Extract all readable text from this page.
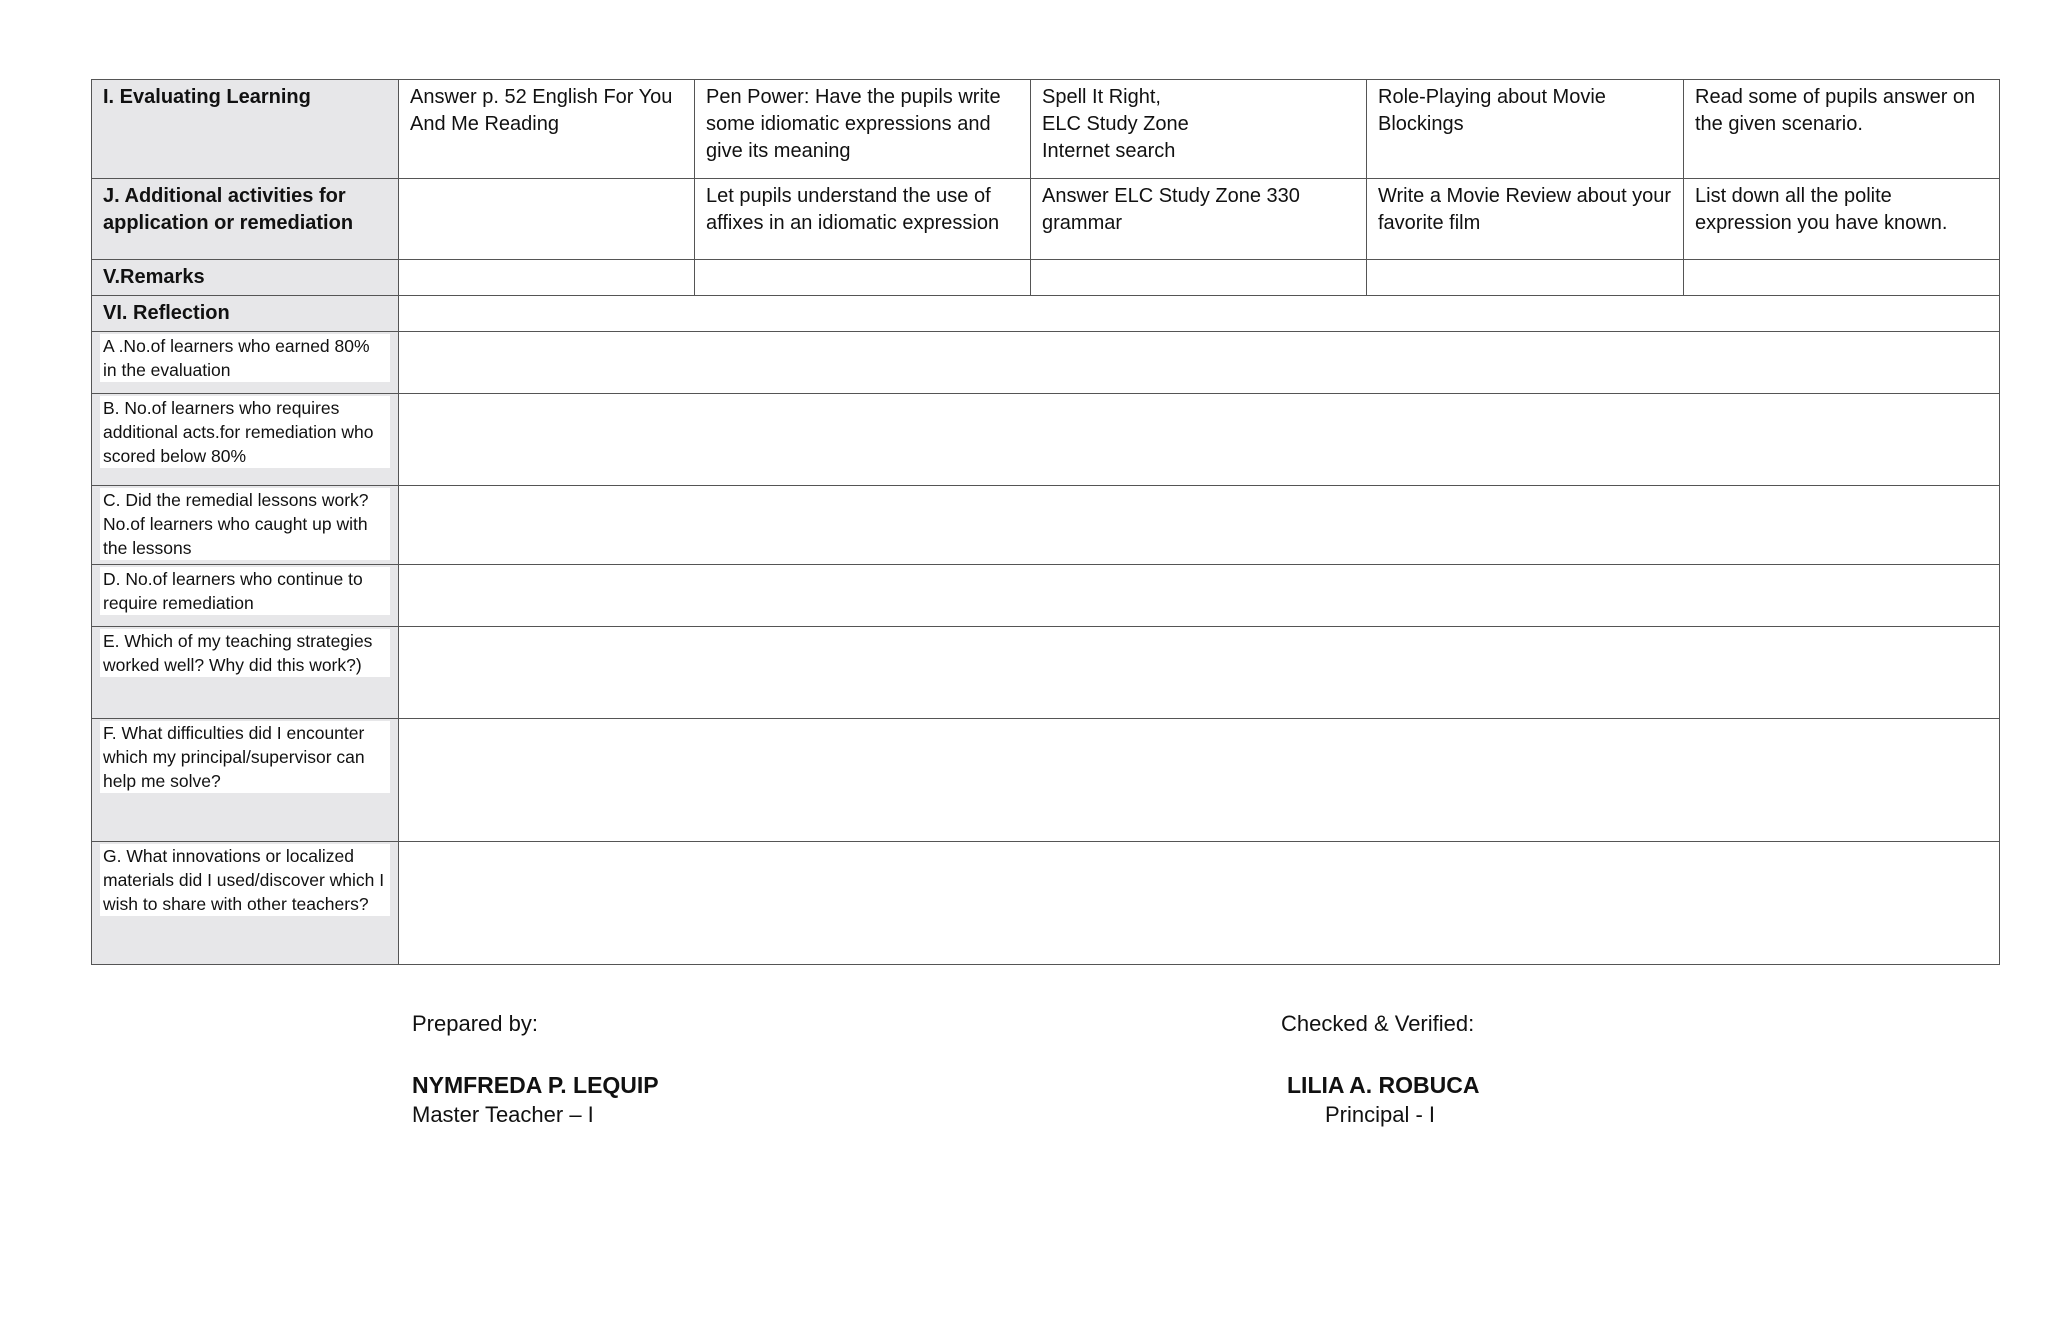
I. Evaluating Learning	Answer p. 52 English For You And Me Reading	Pen Power: Have the pupils write some idiomatic expressions and give its meaning	Spell It Right,
ELC Study Zone
Internet search	Role-Playing about Movie Blockings	Read some of pupils answer on the given scenario.

J. Additional activities for application or remediation		Let pupils understand the use of affixes in an idiomatic expression	Answer ELC Study Zone 330 grammar	Write a Movie Review about your favorite film	List down all the polite expression you have known.

V.Remarks					
VI. Reflection					

A .No.of learners who earned 80% in the evaluation					

B. No.of learners who requires additional acts.for remediation who scored below 80%					

C. Did the remedial lessons work? No.of learners who caught up with the lessons					

D. No.of learners who continue to require remediation					

E. Which of my teaching strategies worked well? Why did this work?)					

F. What difficulties did I encounter which my principal/supervisor can help me solve?					

G. What innovations or localized materials did I used/discover which I wish to share with other teachers?					

Prepared by:
NYMFREDA P. LEQUIP
Master Teacher – I
Checked & Verified:
LILIA A. ROBUCA
Principal - I
